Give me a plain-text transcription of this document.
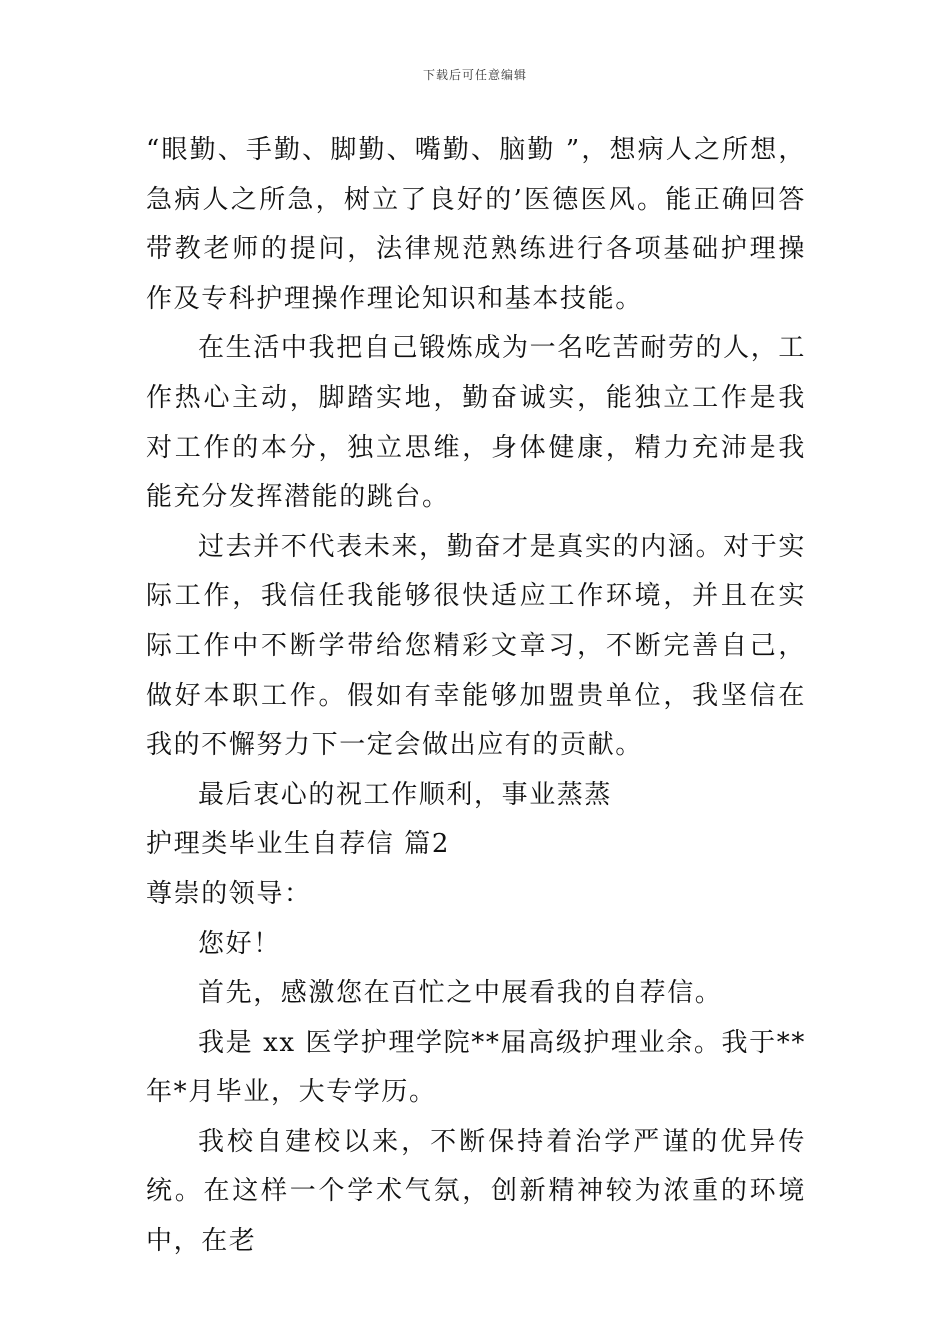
下载后可任意编辑

“眼勤、手勤、脚勤、嘴勤、脑勤 ”，想病人之所想，急病人之所急，树立了良好的’医德医风。能正确回答带教老师的提问，法律规范熟练进行各项基础护理操作及专科护理操作理论知识和基本技能。

在生活中我把自己锻炼成为一名吃苦耐劳的人，工作热心主动，脚踏实地，勤奋诚实，能独立工作是我对工作的本分，独立思维，身体健康，精力充沛是我能充分发挥潜能的跳台。

过去并不代表未来，勤奋才是真实的内涵。对于实际工作，我信任我能够很快适应工作环境，并且在实际工作中不断学带给您精彩文章习，不断完善自己，做好本职工作。假如有幸能够加盟贵单位，我坚信在我的不懈努力下一定会做出应有的贡献。

最后衷心的祝工作顺利，事业蒸蒸

护理类毕业生自荐信 篇2

尊崇的领导：

您好！

首先，感激您在百忙之中展看我的自荐信。

我是 xx 医学护理学院**届高级护理业余。我于**年*月毕业，大专学历。

我校自建校以来，不断保持着治学严谨的优异传统。在这样一个学术气氛，创新精神较为浓重的环境中，在老
